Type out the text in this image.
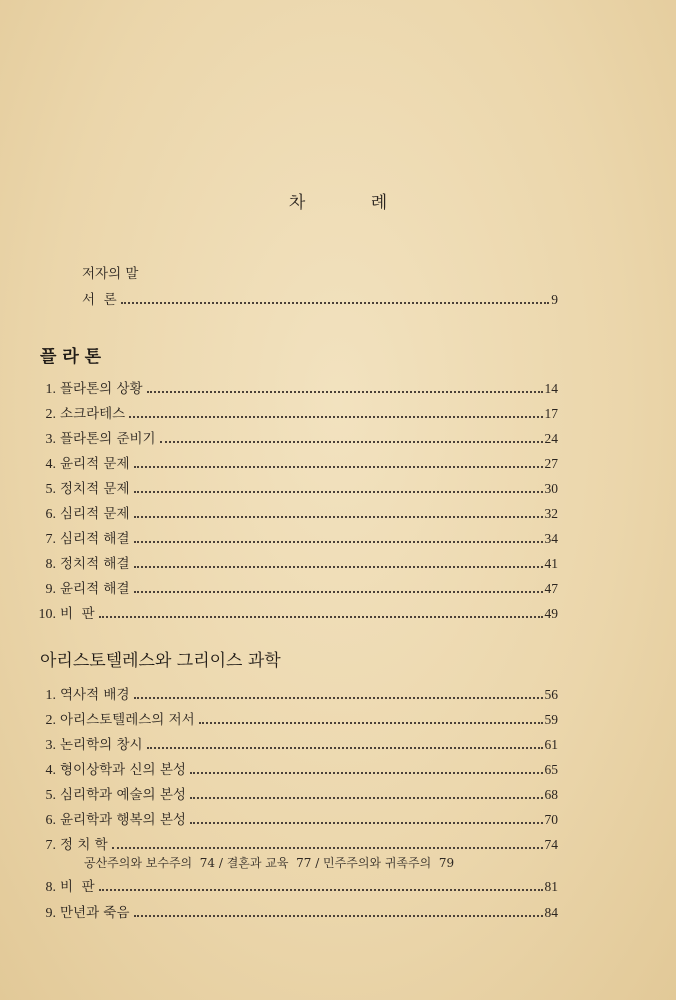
차 례
저자의 말
서  론	9
플 라 톤
1. 플라톤의 상황	14
2. 소크라테스	17
3. 플라톤의 준비기	24
4. 윤리적 문제	27
5. 정치적 문제	30
6. 심리적 문제	32
7. 심리적 해결	34
8. 정치적 해결	41
9. 윤리적 해결	47
10. 비  판	49
아리스토텔레스와 그리이스 과학
1. 역사적 배경	56
2. 아리스토텔레스의 저서	59
3. 논리학의 창시	61
4. 형이상학과 신의 본성	65
5. 심리학과 예술의 본성	68
6. 윤리학과 행복의 본성	70
7. 정 치 학	74
8. 비  판	81
9. 만년과 죽음	84
공산주의와 보수주의  74 / 결혼과 교육  77 / 민주주의와 귀족주의  79
